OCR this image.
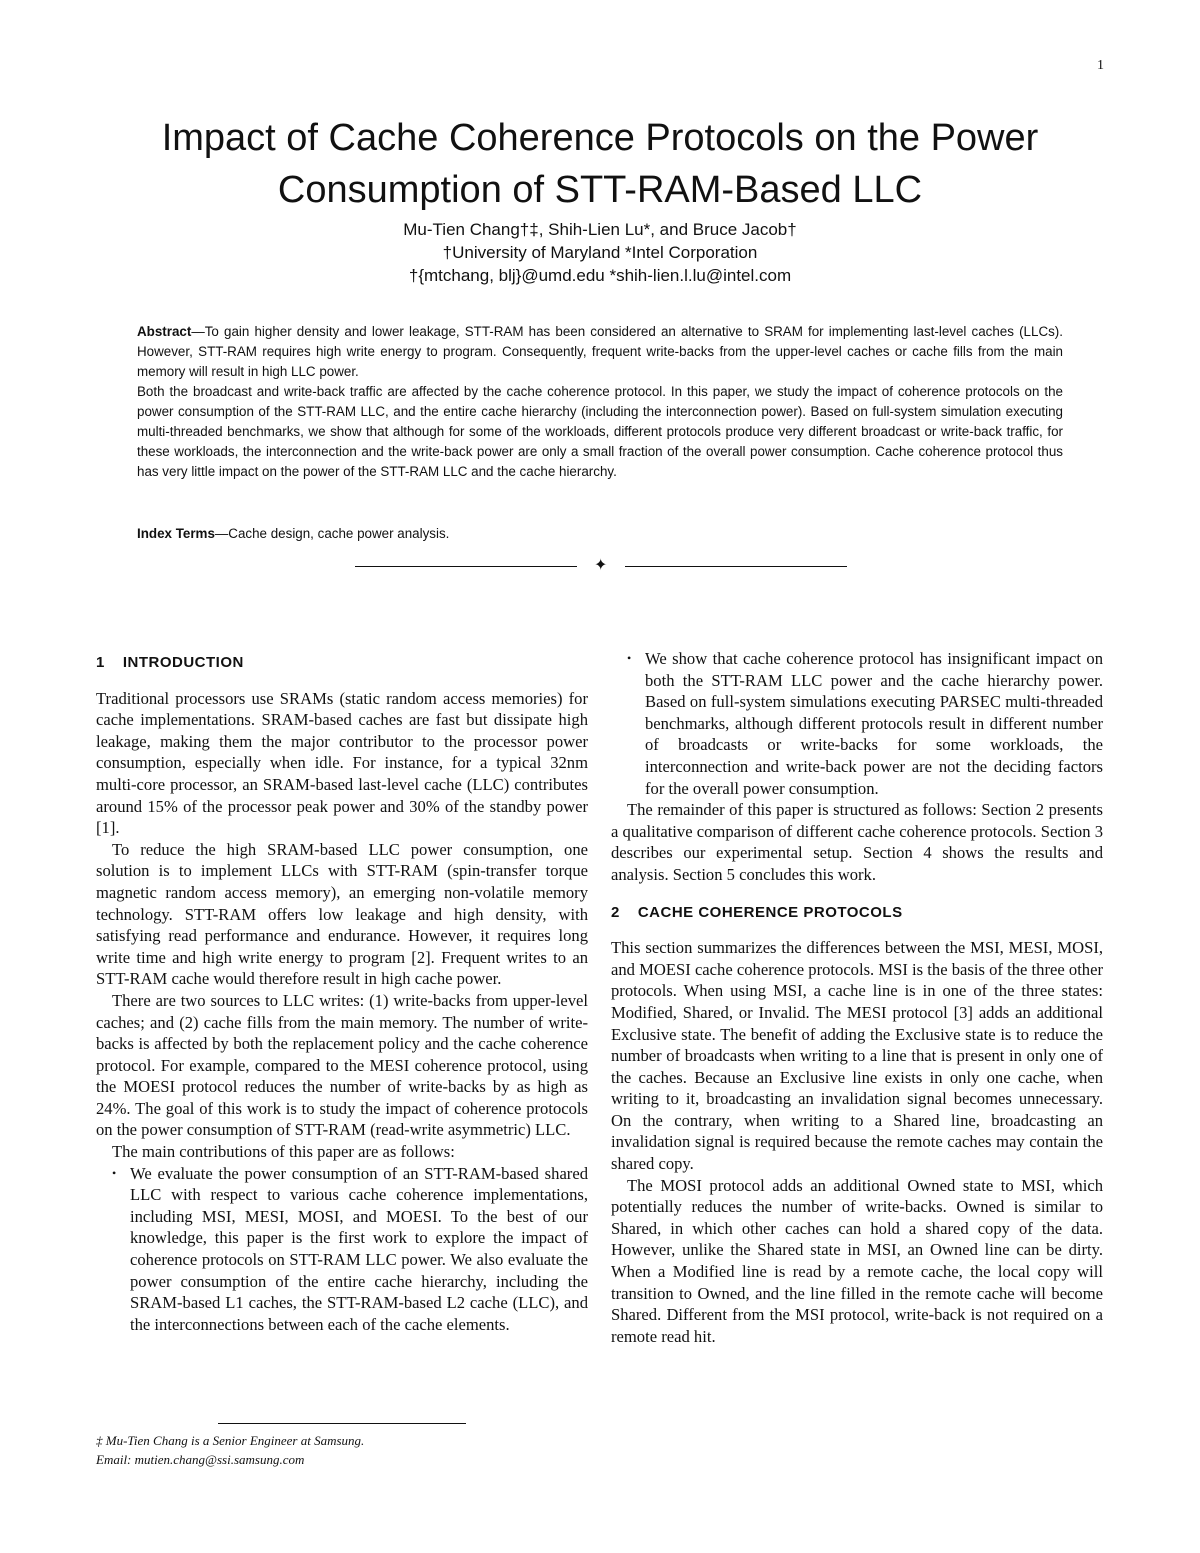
1
Impact of Cache Coherence Protocols on the Power
Consumption of STT-RAM-Based LLC
Mu-Tien Chang†‡, Shih-Lien Lu*, and Bruce Jacob†
†University of Maryland *Intel Corporation
†{mtchang, blj}@umd.edu *shih-lien.l.lu@intel.com

Abstract—To gain higher density and lower leakage, STT-RAM has been considered an alternative to SRAM for implementing last-level caches (LLCs). However, STT-RAM requires high write energy to program. Consequently, frequent write-backs from the upper-level caches or cache fills from the main memory will result in high LLC power.

Both the broadcast and write-back traffic are affected by the cache coherence protocol. In this paper, we study the impact of coherence protocols on the power consumption of the STT-RAM LLC, and the entire cache hierarchy (including the interconnection power). Based on full-system simulation executing multi-threaded benchmarks, we show that although for some of the workloads, different protocols produce very different broadcast or write-back traffic, for these workloads, the interconnection and the write-back power are only a small fraction of the overall power consumption. Cache coherence protocol thus has very little impact on the power of the STT-RAM LLC and the cache hierarchy.

Index Terms—Cache design, cache power analysis.
✦
1 INTRODUCTION

Traditional processors use SRAMs (static random access memories) for cache implementations. SRAM-based caches are fast but dissipate high leakage, making them the major contributor to the processor power consumption, especially when idle. For instance, for a typical 32nm multi-core processor, an SRAM-based last-level cache (LLC) contributes around 15% of the processor peak power and 30% of the standby power [1].

To reduce the high SRAM-based LLC power consumption, one solution is to implement LLCs with STT-RAM (spin-transfer torque magnetic random access memory), an emerging non-volatile memory technology. STT-RAM offers low leakage and high density, with satisfying read performance and endurance. However, it requires long write time and high write energy to program [2]. Frequent writes to an STT-RAM cache would therefore result in high cache power.

There are two sources to LLC writes: (1) write-backs from upper-level caches; and (2) cache fills from the main memory. The number of write-backs is affected by both the replacement policy and the cache coherence protocol. For example, compared to the MESI coherence protocol, using the MOESI protocol reduces the number of write-backs by as high as 24%. The goal of this work is to study the impact of coherence protocols on the power consumption of STT-RAM (read-write asymmetric) LLC.

The main contributions of this paper are as follows:

• We evaluate the power consumption of an STT-RAM-based shared LLC with respect to various cache coherence implementations, including MSI, MESI, MOSI, and MOESI. To the best of our knowledge, this paper is the first work to explore the impact of coherence protocols on STT-RAM LLC power. We also evaluate the power consumption of the entire cache hierarchy, including the SRAM-based L1 caches, the STT-RAM-based L2 cache (LLC), and the interconnections between each of the cache elements.
• We show that cache coherence protocol has insignificant impact on both the STT-RAM LLC power and the cache hierarchy power. Based on full-system simulations executing PARSEC multi-threaded benchmarks, although different protocols result in different number of broadcasts or write-backs for some workloads, the interconnection and write-back power are not the deciding factors for the overall power consumption.

The remainder of this paper is structured as follows: Section 2 presents a qualitative comparison of different cache coherence protocols. Section 3 describes our experimental setup. Section 4 shows the results and analysis. Section 5 concludes this work.

2 CACHE COHERENCE PROTOCOLS

This section summarizes the differences between the MSI, MESI, MOSI, and MOESI cache coherence protocols. MSI is the basis of the three other protocols. When using MSI, a cache line is in one of the three states: Modified, Shared, or Invalid. The MESI protocol [3] adds an additional Exclusive state. The benefit of adding the Exclusive state is to reduce the number of broadcasts when writing to a line that is present in only one of the caches. Because an Exclusive line exists in only one cache, when writing to it, broadcasting an invalidation signal becomes unnecessary. On the contrary, when writing to a Shared line, broadcasting an invalidation signal is required because the remote caches may contain the shared copy.

The MOSI protocol adds an additional Owned state to MSI, which potentially reduces the number of write-backs. Owned is similar to Shared, in which other caches can hold a shared copy of the data. However, unlike the Shared state in MSI, an Owned line can be dirty. When a Modified line is read by a remote cache, the local copy will transition to Owned, and the line filled in the remote cache will become Shared. Different from the MSI protocol, write-back is not required on a remote read hit.

‡ Mu-Tien Chang is a Senior Engineer at Samsung.
Email: mutien.chang@ssi.samsung.com
